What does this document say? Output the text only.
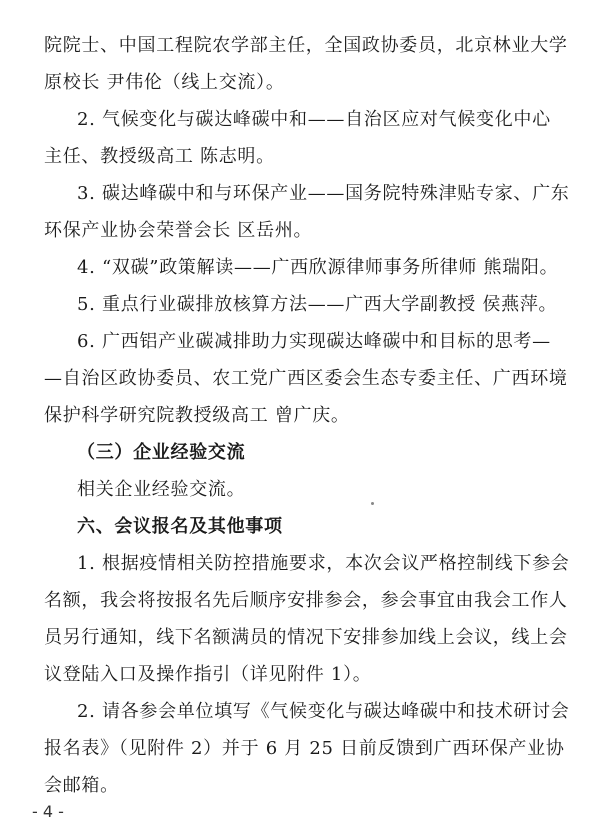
院院士、中国工程院农学部主任，全国政协委员，北京林业大学
原校长 尹伟伦（线上交流）。
2. 气候变化与碳达峰碳中和——自治区应对气候变化中心
主任、教授级高工 陈志明。
3. 碳达峰碳中和与环保产业——国务院特殊津贴专家、广东
环保产业协会荣誉会长 区岳州。
4. “双碳”政策解读——广西欣源律师事务所律师 熊瑞阳。
5. 重点行业碳排放核算方法——广西大学副教授 侯燕萍。
6. 广西铝产业碳减排助力实现碳达峰碳中和目标的思考—
—自治区政协委员、农工党广西区委会生态专委主任、广西环境
保护科学研究院教授级高工 曾广庆。
（三）企业经验交流
相关企业经验交流。
六、会议报名及其他事项
1. 根据疫情相关防控措施要求，本次会议严格控制线下参会
名额，我会将按报名先后顺序安排参会，参会事宜由我会工作人
员另行通知，线下名额满员的情况下安排参加线上会议，线上会
议登陆入口及操作指引（详见附件 1）。
2. 请各参会单位填写《气候变化与碳达峰碳中和技术研讨会
报名表》（见附件 2）并于 6 月 25 日前反馈到广西环保产业协
会邮箱。
- 4 -
